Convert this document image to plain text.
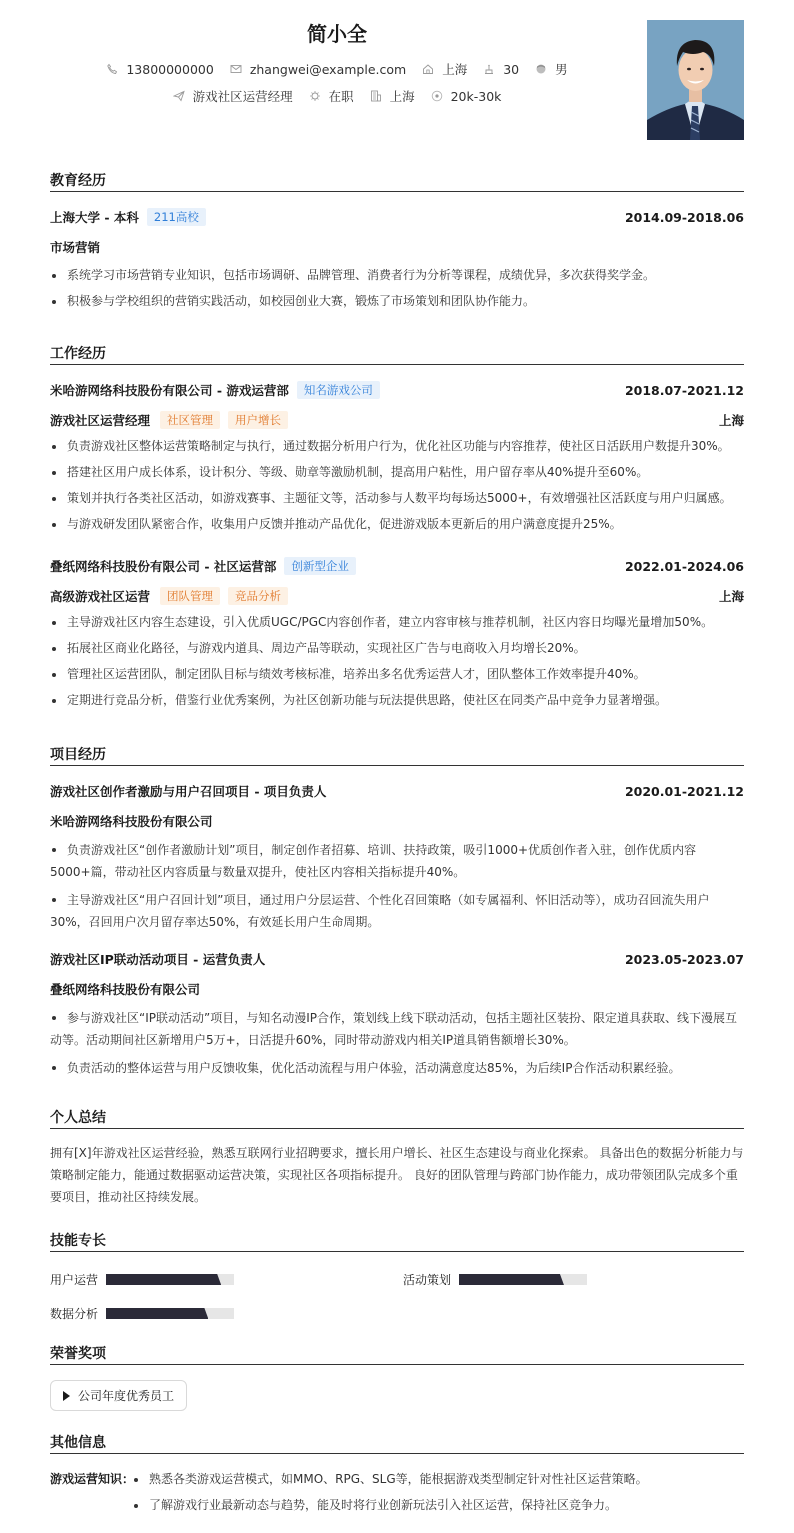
简小全
13800000000	zhangwei@example.com	上海	30	男
游戏社区运营经理	在职	上海	20k-30k
教育经历
上海大学 - 本科	211高校	2014.09-2018.06
市场营销
系统学习市场营销专业知识，包括市场调研、品牌管理、消费者行为分析等课程，成绩优异，多次获得奖学金。
积极参与学校组织的营销实践活动，如校园创业大赛，锻炼了市场策划和团队协作能力。
工作经历
米哈游网络科技股份有限公司 - 游戏运营部	知名游戏公司	2018.07-2021.12
游戏社区运营经理	社区管理	用户增长	上海
负责游戏社区整体运营策略制定与执行，通过数据分析用户行为，优化社区功能与内容推荐，使社区日活跃用户数提升30%。
搭建社区用户成长体系，设计积分、等级、勋章等激励机制，提高用户粘性，用户留存率从40%提升至60%。
策划并执行各类社区活动，如游戏赛事、主题征文等，活动参与人数平均每场达5000+，有效增强社区活跃度与用户归属感。
与游戏研发团队紧密合作，收集用户反馈并推动产品优化，促进游戏版本更新后的用户满意度提升25%。
叠纸网络科技股份有限公司 - 社区运营部	创新型企业	2022.01-2024.06
高级游戏社区运营	团队管理	竞品分析	上海
主导游戏社区内容生态建设，引入优质UGC/PGC内容创作者，建立内容审核与推荐机制，社区内容日均曝光量增加50%。
拓展社区商业化路径，与游戏内道具、周边产品等联动，实现社区广告与电商收入月均增长20%。
管理社区运营团队，制定团队目标与绩效考核标准，培养出多名优秀运营人才，团队整体工作效率提升40%。
定期进行竞品分析，借鉴行业优秀案例，为社区创新功能与玩法提供思路，使社区在同类产品中竞争力显著增强。
项目经历
游戏社区创作者激励与用户召回项目 - 项目负责人	2020.01-2021.12
米哈游网络科技股份有限公司
负责游戏社区“创作者激励计划”项目，制定创作者招募、培训、扶持政策，吸引1000+优质创作者入驻，创作优质内容5000+篇，带动社区内容质量与数量双提升，使社区内容相关指标提升40%。
主导游戏社区“用户召回计划”项目，通过用户分层运营、个性化召回策略（如专属福利、怀旧活动等），成功召回流失用户30%，召回用户次月留存率达50%，有效延长用户生命周期。
游戏社区IP联动活动项目 - 运营负责人	2023.05-2023.07
叠纸网络科技股份有限公司
参与游戏社区“IP联动活动”项目，与知名动漫IP合作，策划线上线下联动活动，包括主题社区装扮、限定道具获取、线下漫展互动等。活动期间社区新增用户5万+，日活提升60%，同时带动游戏内相关IP道具销售额增长30%。
负责活动的整体运营与用户反馈收集，优化活动流程与用户体验，活动满意度达85%，为后续IP合作活动积累经验。
个人总结
拥有[X]年游戏社区运营经验，熟悉互联网行业招聘要求，擅长用户增长、社区生态建设与商业化探索。 具备出色的数据分析能力与策略制定能力，能通过数据驱动运营决策，实现社区各项指标提升。 良好的团队管理与跨部门协作能力，成功带领团队完成多个重要项目，推动社区持续发展。
技能专长
用户运营	活动策划
数据分析
荣誉奖项
公司年度优秀员工
其他信息
游戏运营知识：	熟悉各类游戏运营模式，如MMO、RPG、SLG等，能根据游戏类型制定针对性社区运营策略。
了解游戏行业最新动态与趋势，能及时将行业创新玩法引入社区运营，保持社区竞争力。
